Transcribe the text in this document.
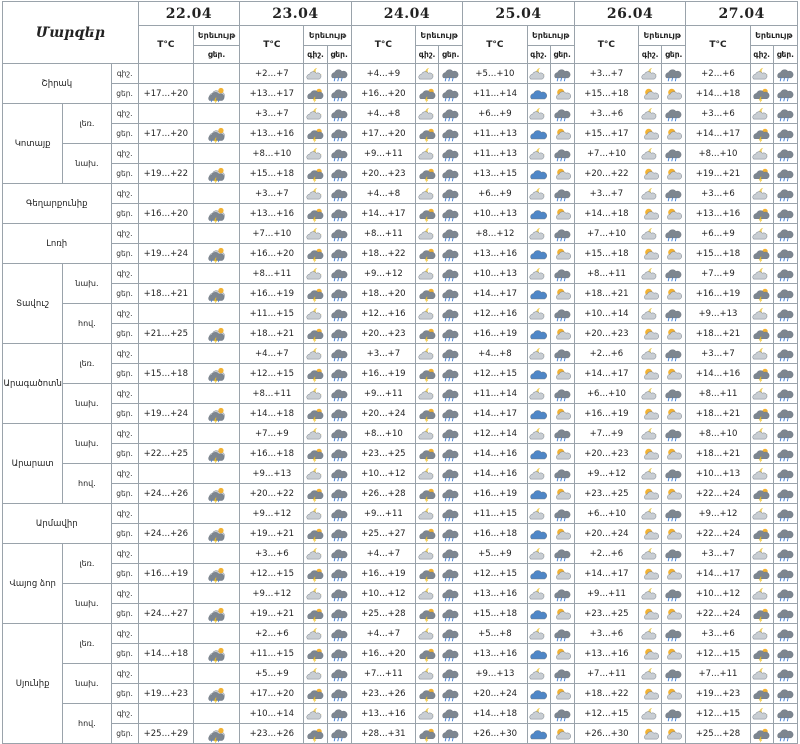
Մարզեր			22.04		23.04			24.04			25.04			26.04			27.04		
			T°C	Երեւույթ	T°C	Երեւույթ		T°C	Երեւույթ		T°C	Երեւույթ		T°C	Երեւույթ		T°C	Երեւույթ	
				ցեր.		գիշ.	ցեր.		գիշ.	ցեր.		գիշ.	ցեր.		գիշ.	ցեր.		գիշ.	ցեր.
Շիրակ		գիշ.			+2…+7			+4…+9			+5…+10			+3…+7			+2…+6		
		ցեր.	+17…+20		+13…+17			+16…+20			+11…+14			+15…+18			+14…+18		
Կոտայք	լեռ.	գիշ.			+3…+7			+4…+8			+6…+9			+3…+6			+3…+6		
		ցեր.	+17…+20		+13…+16			+17…+20			+11…+13			+15…+17			+14…+17		
	նախ.	գիշ.			+8…+10			+9…+11			+11…+13			+7…+10			+8…+10		
		ցեր.	+19…+22		+15…+18			+20…+23			+13…+15			+20…+22			+19…+21		
Գեղարքունիք		գիշ.			+3…+7			+4…+8			+6…+9			+3…+7			+3…+6		
		ցեր.	+16…+20		+13…+16			+14…+17			+10…+13			+14…+18			+13…+16		
Լոռի		գիշ.			+7…+10			+8…+11			+8…+12			+7…+10			+6…+9		
		ցեր.	+19…+24		+16…+20			+18…+22			+13…+16			+15…+18			+15…+18		
Տավուշ	նախ.	գիշ.			+8…+11			+9…+12			+10…+13			+8…+11			+7…+9		
		ցեր.	+18…+21		+16…+19			+18…+20			+14…+17			+18…+21			+16…+19		
	հով.	գիշ.			+11…+15			+12…+16			+12…+16			+10…+14			+9…+13		
		ցեր.	+21…+25		+18…+21			+20…+23			+16…+19			+20…+23			+18…+21		
Արագածոտն	լեռ.	գիշ.			+4…+7			+3…+7			+4…+8			+2…+6			+3…+7		
		ցեր.	+15…+18		+12…+15			+16…+19			+12…+15			+14…+17			+14…+16		
	նախ.	գիշ.			+8…+11			+9…+11			+11…+14			+6…+10			+8…+11		
		ցեր.	+19…+24		+14…+18			+20…+24			+14…+17			+16…+19			+18…+21		
Արարատ	նախ.	գիշ.			+7…+9			+8…+10			+12…+14			+7…+9			+8…+10		
		ցեր.	+22…+25		+16…+18			+23…+25			+14…+16			+20…+23			+18…+21		
	հով.	գիշ.			+9…+13			+10…+12			+14…+16			+9…+12			+10…+13		
		ցեր.	+24…+26		+20…+22			+26…+28			+16…+19			+23…+25			+22…+24		
Արմավիր		գիշ.			+9…+12			+9…+11			+11…+15			+6…+10			+9…+12		
		ցեր.	+24…+26		+19…+21			+25…+27			+16…+18			+20…+24			+22…+24		
Վայոց ձոր	լեռ.	գիշ.			+3…+6			+4…+7			+5…+9			+2…+6			+3…+7		
		ցեր.	+16…+19		+12…+15			+16…+19			+12…+15			+14…+17			+14…+17		
	նախ.	գիշ.			+9…+12			+10…+12			+13…+16			+9…+11			+10…+12		
		ցեր.	+24…+27		+19…+21			+25…+28			+15…+18			+23…+25			+22…+24		
Սյունիք	լեռ.	գիշ.			+2…+6			+4…+7			+5…+8			+3…+6			+3…+6		
		ցեր.	+14…+18		+11…+15			+16…+20			+13…+16			+13…+16			+12…+15		
	նախ.	գիշ.			+5…+9			+7…+11			+9…+13			+7…+11			+7…+11		
		ցեր.	+19…+23		+17…+20			+23…+26			+20…+24			+18…+22			+19…+23		
	հով.	գիշ.			+10…+14			+13…+16			+14…+18			+12…+15			+12…+15		
		ցեր.	+25…+29		+23…+26			+28…+31			+26…+30			+26…+30			+25…+28		
